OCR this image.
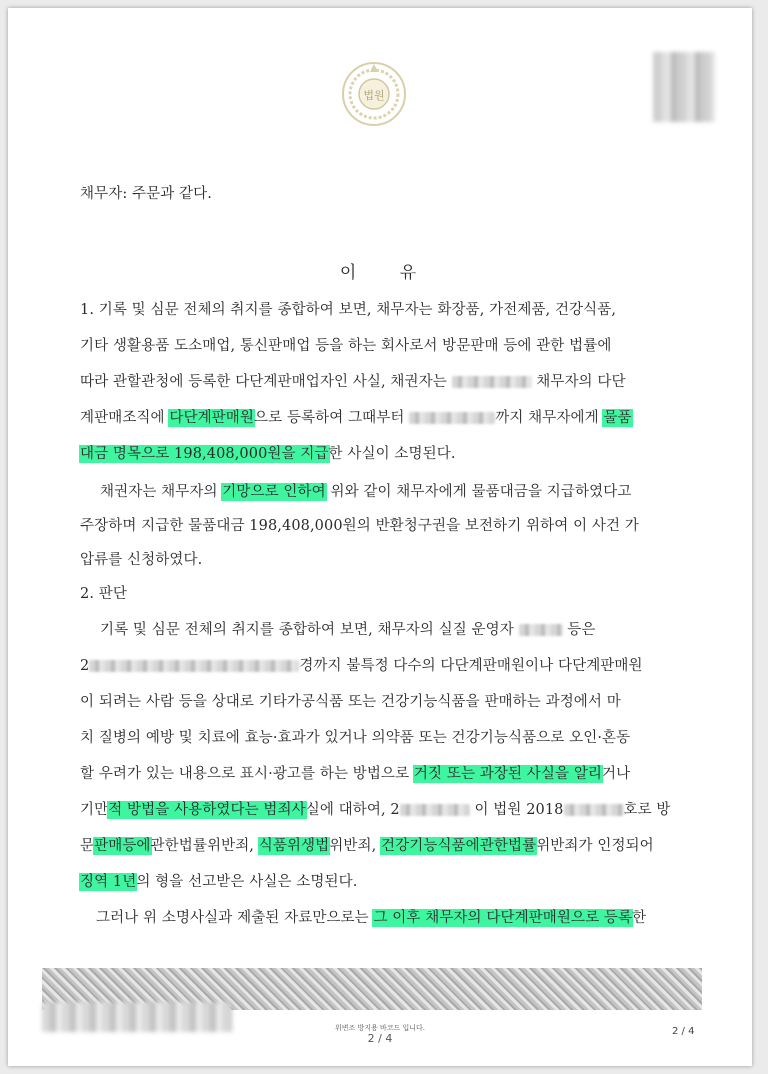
법원
채무자: 주문과 같다.
이 유
1. 기록 및 심문 전체의 취지를 종합하여 보면, 채무자는 화장품, 가전제품, 건강식품,
기타 생활용품 도소매업, 통신판매업 등을 하는 회사로서 방문판매 등에 관한 법률에
따라 관할관청에 등록한 다단계판매업자인 사실, 채권자는	채무자의 다단
계판매조직에 다단계판매원으로 등록하여 그때부터	까지 채무자에게 물품
대금 명목으로 198,408,000원을 지급한 사실이 소명된다.
채권자는 채무자의 기망으로 인하여 위와 같이 채무자에게 물품대금을 지급하였다고
주장하며 지급한 물품대금 198,408,000원의 반환청구권을 보전하기 위하여 이 사건 가
압류를 신청하였다.
2. 판단
기록 및 심문 전체의 취지를 종합하여 보면, 채무자의 실질 운영자	등은
2	경까지 불특정 다수의 다단계판매원이나 다단계판매원
이 되려는 사람 등을 상대로 기타가공식품 또는 건강기능식품을 판매하는 과정에서 마
치 질병의 예방 및 치료에 효능·효과가 있거나 의약품 또는 건강기능식품으로 오인·혼동
할 우려가 있는 내용으로 표시·광고를 하는 방법으로 거짓 또는 과장된 사실을 알리거나
기만적 방법을 사용하였다는 범죄사실에 대하여, 2	이 법원 2018	호로 방
문판매등에관한법률위반죄, 식품위생법위반죄, 건강기능식품에관한법률위반죄가 인정되어
징역 1년의 형을 선고받은 사실은 소명된다.
그러나 위 소명사실과 제출된 자료만으로는 그 이후 채무자의 다단계판매원으로 등록한
위변조 방지용 바코드 입니다.
2 / 4
2 / 4
